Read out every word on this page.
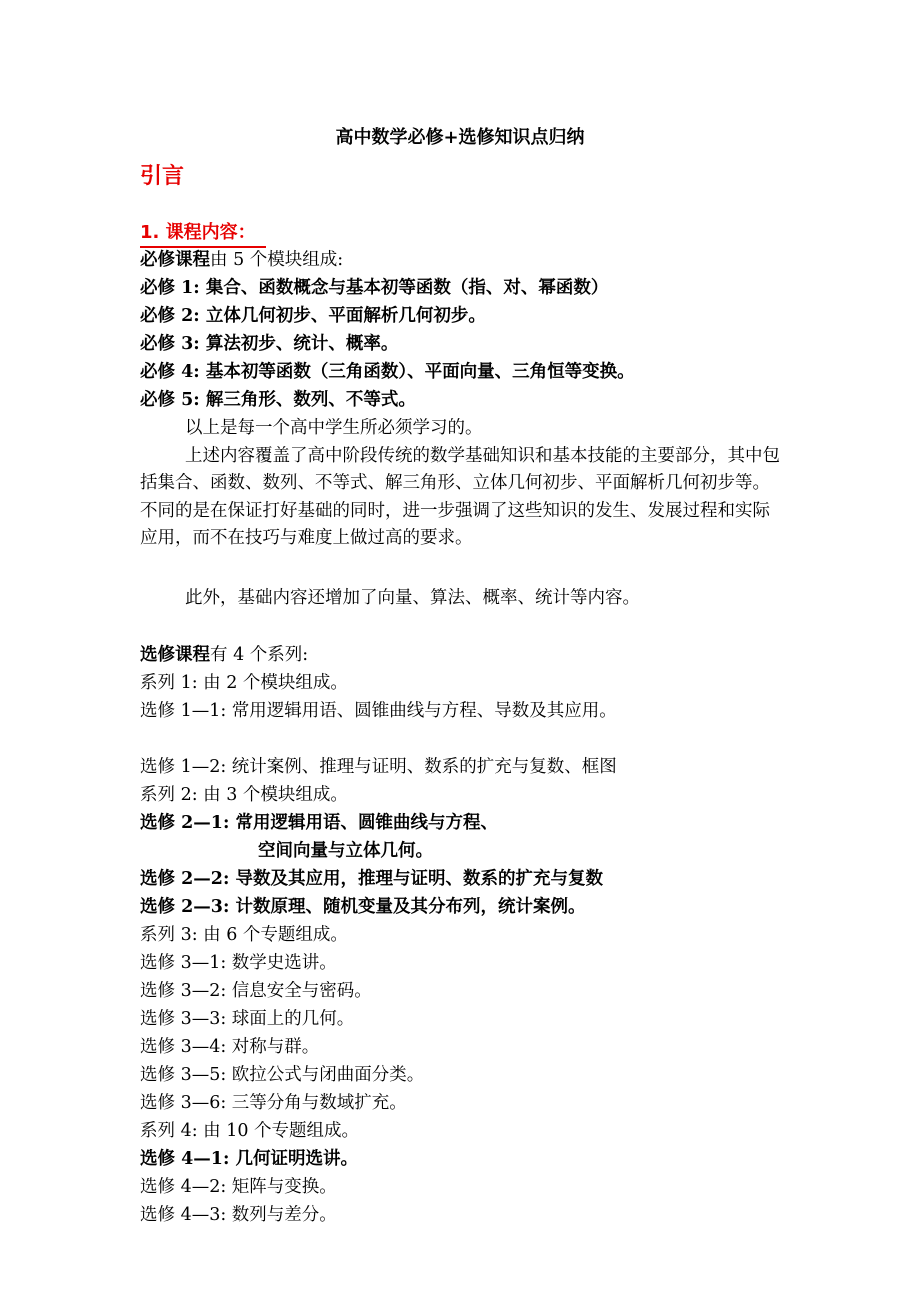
高中数学必修+选修知识点归纳
引言
1. 课程内容：
必修课程由 5 个模块组成:
必修 1: 集合、函数概念与基本初等函数（指、对、幂函数）
必修 2: 立体几何初步、平面解析几何初步。
必修 3: 算法初步、统计、概率。
必修 4: 基本初等函数（三角函数）、平面向量、三角恒等变换。
必修 5: 解三角形、数列、不等式。
以上是每一个高中学生所必须学习的。
上述内容覆盖了高中阶段传统的数学基础知识和基本技能的主要部分，其中包括集合、函数、数列、不等式、解三角形、立体几何初步、平面解析几何初步等。不同的是在保证打好基础的同时，进一步强调了这些知识的发生、发展过程和实际应用，而不在技巧与难度上做过高的要求。
此外，基础内容还增加了向量、算法、概率、统计等内容。
选修课程有 4 个系列:
系列 1: 由 2 个模块组成。
选修 1—1: 常用逻辑用语、圆锥曲线与方程、导数及其应用。
选修 1—2: 统计案例、推理与证明、数系的扩充与复数、框图
系列 2: 由 3 个模块组成。
选修 2—1: 常用逻辑用语、圆锥曲线与方程、
空间向量与立体几何。
选修 2—2: 导数及其应用，推理与证明、数系的扩充与复数
选修 2—3: 计数原理、随机变量及其分布列，统计案例。
系列 3: 由 6 个专题组成。
选修 3—1: 数学史选讲。
选修 3—2: 信息安全与密码。
选修 3—3: 球面上的几何。
选修 3—4: 对称与群。
选修 3—5: 欧拉公式与闭曲面分类。
选修 3—6: 三等分角与数域扩充。
系列 4: 由 10 个专题组成。
选修 4—1: 几何证明选讲。
选修 4—2: 矩阵与变换。
选修 4—3: 数列与差分。
